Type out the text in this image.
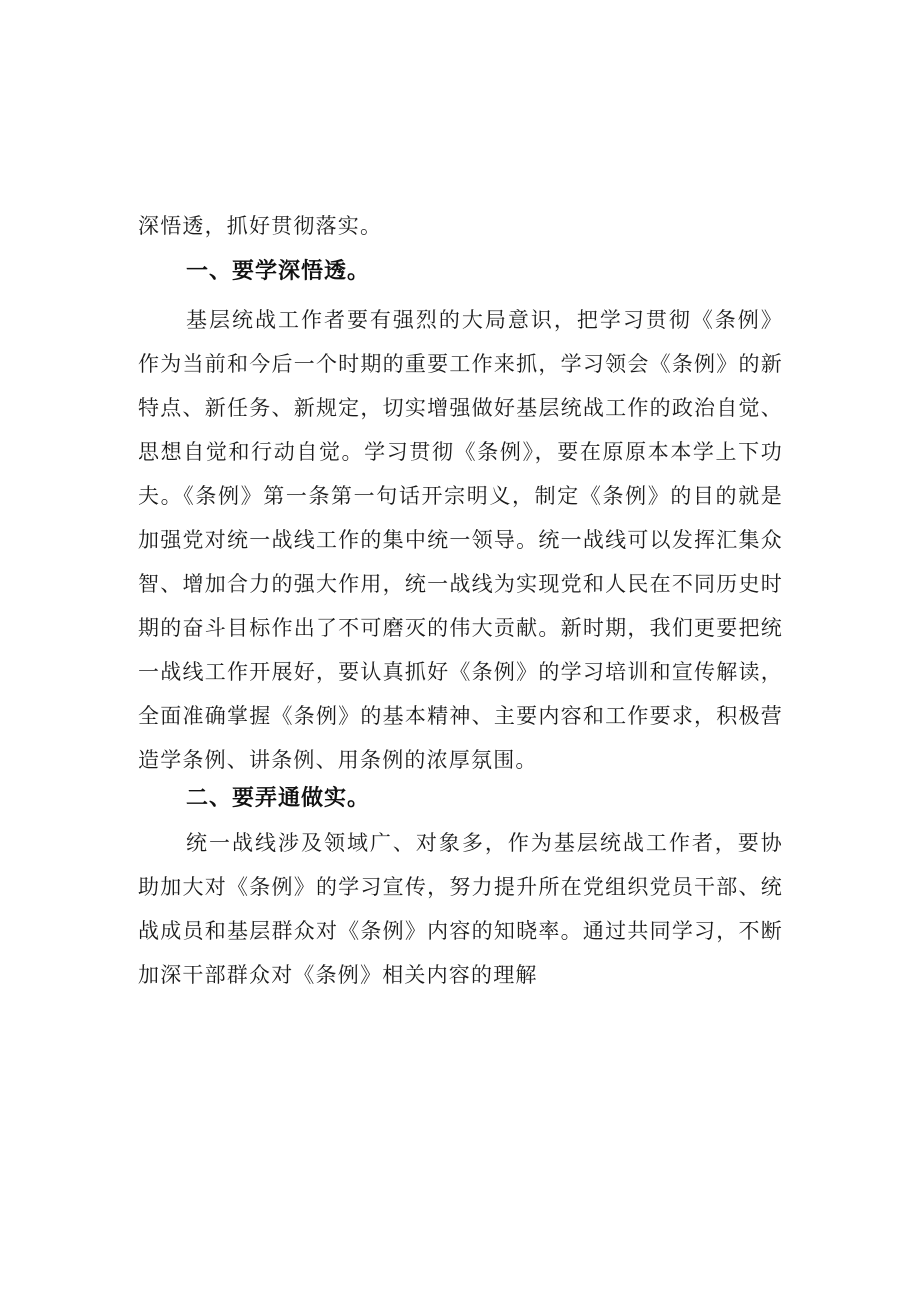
深悟透，抓好贯彻落实。
一、要学深悟透。
基层统战工作者要有强烈的大局意识，把学习贯彻《条例》作为当前和今后一个时期的重要工作来抓，学习领会《条例》的新特点、新任务、新规定，切实增强做好基层统战工作的政治自觉、思想自觉和行动自觉。学习贯彻《条例》，要在原原本本学上下功夫。《条例》第一条第一句话开宗明义，制定《条例》的目的就是加强党对统一战线工作的集中统一领导。统一战线可以发挥汇集众智、增加合力的强大作用，统一战线为实现党和人民在不同历史时期的奋斗目标作出了不可磨灭的伟大贡献。新时期，我们更要把统一战线工作开展好，要认真抓好《条例》的学习培训和宣传解读，全面准确掌握《条例》的基本精神、主要内容和工作要求，积极营造学条例、讲条例、用条例的浓厚氛围。
二、要弄通做实。
统一战线涉及领域广、对象多，作为基层统战工作者，要协助加大对《条例》的学习宣传，努力提升所在党组织党员干部、统战成员和基层群众对《条例》内容的知晓率。通过共同学习，不断加深干部群众对《条例》相关内容的理解
